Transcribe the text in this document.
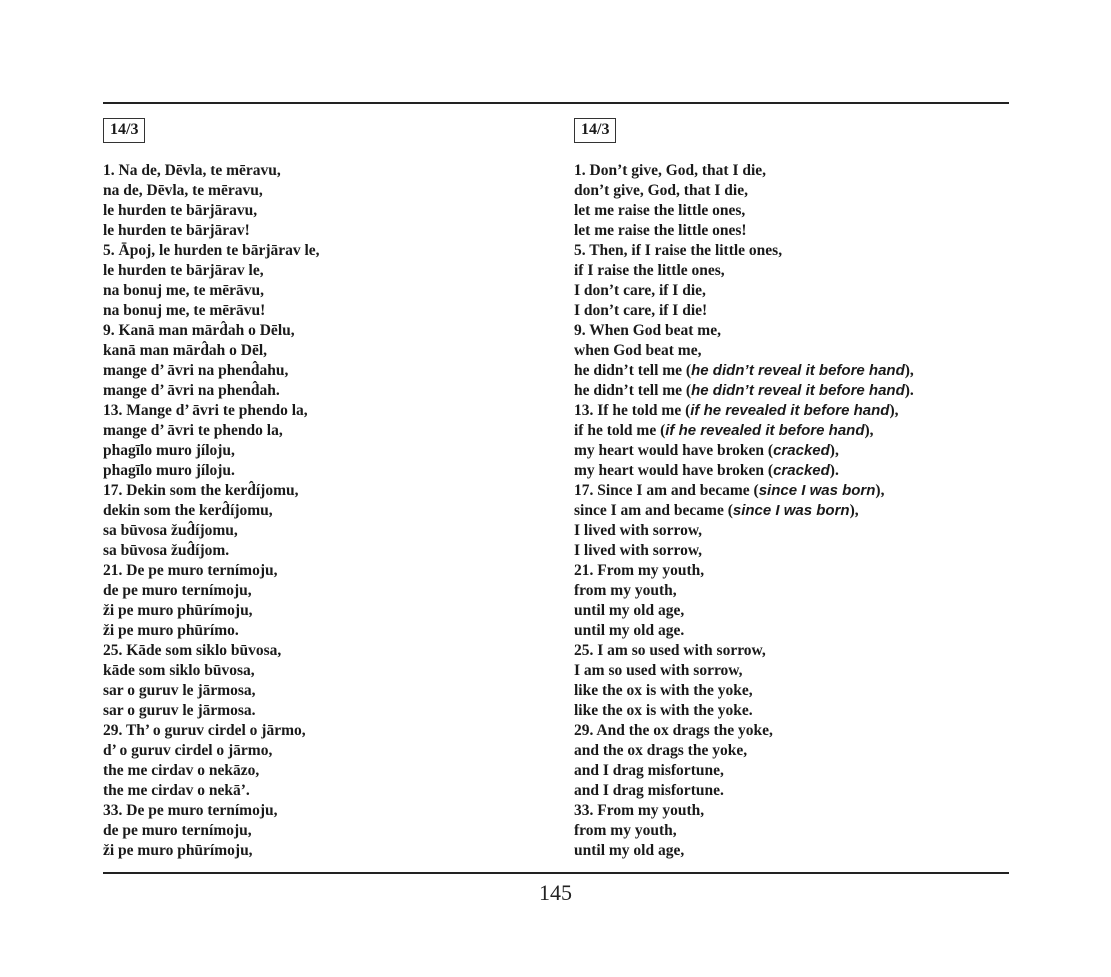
14/3
1. Na de, Dēvla, te mēravu,
na de, Dēvla, te mēravu,
le hurden te bārjāravu,
le hurden te bārjārav!
5. Āpoj, le hurden te bārjārav le,
le hurden te bārjārav le,
na bonuj me, te mērāvu,
na bonuj me, te mērāvu!
9. Kanā man mārd̂ah o Dēlu,
kanā man mārd̂ah o Dēl,
mange d’ āvri na phend̂ahu,
mange d’ āvri na phend̂ah.
13. Mange d’ āvri te phendo la,
mange d’ āvri te phendo la,
phagīlo muro jíloju,
phagīlo muro jíloju.
17. Dekin som the kerd̂íjomu,
dekin som the kerd̂íjomu,
sa būvosa žud̂íjomu,
sa būvosa žud̂íjom.
21. De pe muro ternímoju,
de pe muro ternímoju,
ži pe muro phūrímoju,
ži pe muro phūrímo.
25. Kāde som siklo būvosa,
kāde som siklo būvosa,
sar o guruv le jārmosa,
sar o guruv le jārmosa.
29. Th’ o guruv cirdel o jārmo,
d’ o guruv cirdel o jārmo,
the me cirdav o nekāzo,
the me cirdav o nekā’.
33. De pe muro ternímoju,
de pe muro ternímoju,
ži pe muro phūrímoju,
14/3
1. Don’t give, God, that I die,
don’t give, God, that I die,
let me raise the little ones,
let me raise the little ones!
5. Then, if I raise the little ones,
if I raise the little ones,
I don’t care, if I die,
I don’t care, if I die!
9. When God beat me,
when God beat me,
he didn’t tell me (he didn’t reveal it before hand),
he didn’t tell me (he didn’t reveal it before hand).
13. If he told me (if he revealed it before hand),
if he told me (if he revealed it before hand),
my heart would have broken (cracked),
my heart would have broken (cracked).
17. Since I am and became (since I was born),
since I am and became (since I was born),
I lived with sorrow,
I lived with sorrow,
21. From my youth,
from my youth,
until my old age,
until my old age.
25. I am so used with sorrow,
I am so used with sorrow,
like the ox is with the yoke,
like the ox is with the yoke.
29. And the ox drags the yoke,
and the ox drags the yoke,
and I drag misfortune,
and I drag misfortune.
33. From my youth,
from my youth,
until my old age,
145
